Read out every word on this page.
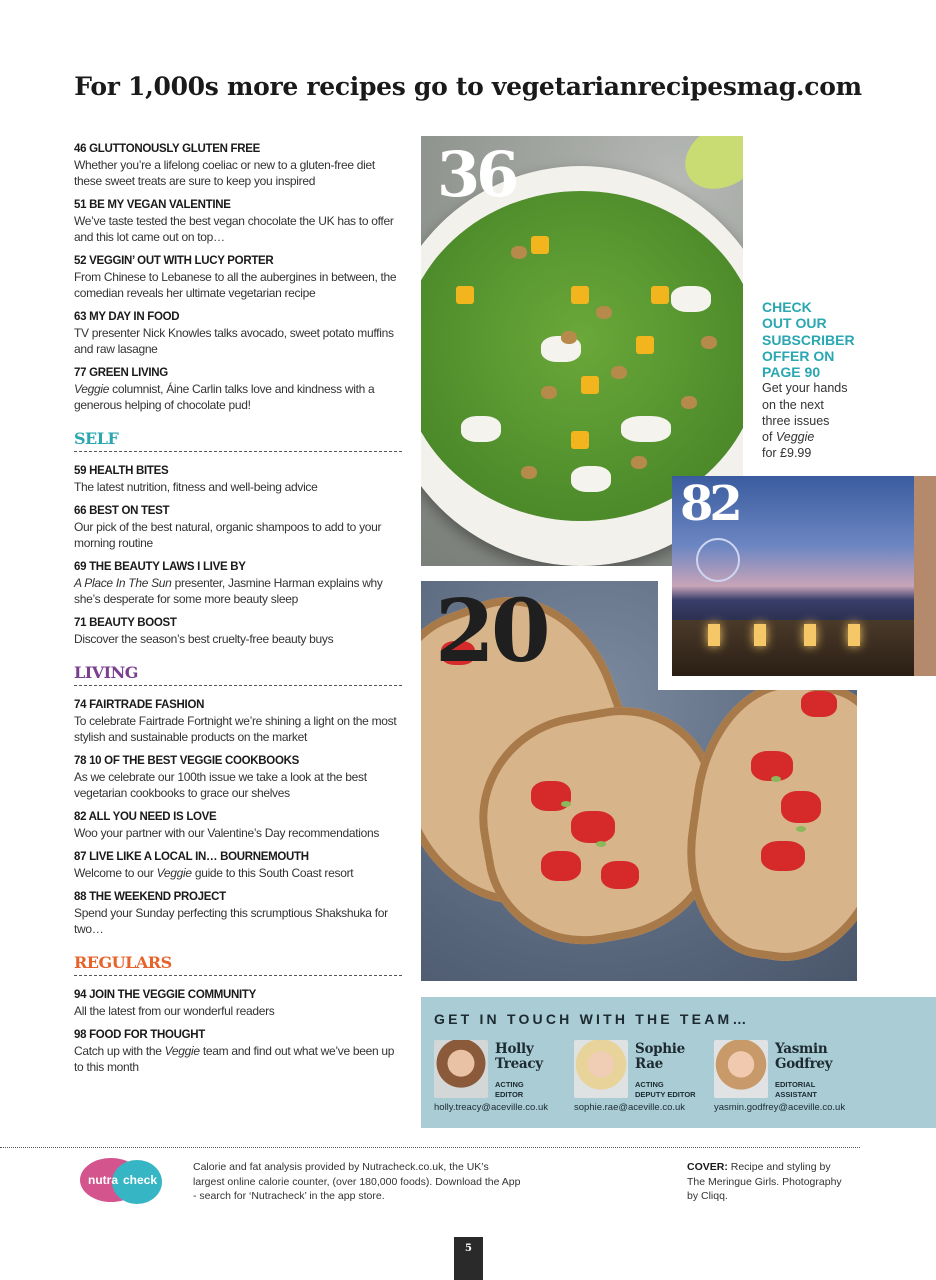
For 1,000s more recipes go to vegetarianrecipesmag.com
46 GLUTTONOUSLY GLUTEN FREE
Whether you’re a lifelong coeliac or new to a gluten-free diet these sweet treats are sure to keep you inspired
51 BE MY VEGAN VALENTINE
We’ve taste tested the best vegan chocolate the UK has to offer and this lot came out on top…
52 VEGGIN’ OUT WITH LUCY PORTER
From Chinese to Lebanese to all the aubergines in between, the comedian reveals her ultimate vegetarian recipe
63 MY DAY IN FOOD
TV presenter Nick Knowles talks avocado, sweet potato muffins and raw lasagne
77 GREEN LIVING
Veggie columnist, Áine Carlin talks love and kindness with a generous helping of chocolate pud!
SELF
59 HEALTH BITES
The latest nutrition, fitness and well-being advice
66 BEST ON TEST
Our pick of the best natural, organic shampoos to add to your morning routine
69 THE BEAUTY LAWS I LIVE BY
A Place In The Sun presenter, Jasmine Harman explains why she’s desperate for some more beauty sleep
71 BEAUTY BOOST
Discover the season’s best cruelty-free beauty buys
LIVING
74 FAIRTRADE FASHION
To celebrate Fairtrade Fortnight we’re shining a light on the most stylish and sustainable products on the market
78 10 OF THE BEST VEGGIE COOKBOOKS
As we celebrate our 100th issue we take a look at the best vegetarian cookbooks to grace our shelves
82 ALL YOU NEED IS LOVE
Woo your partner with our Valentine’s Day recommendations
87 LIVE LIKE A LOCAL IN… BOURNEMOUTH
Welcome to our Veggie guide to this South Coast resort
88 THE WEEKEND PROJECT
Spend your Sunday perfecting this scrumptious Shakshuka for two…
REGULARS
94 JOIN THE VEGGIE COMMUNITY
All the latest from our wonderful readers
98 FOOD FOR THOUGHT
Catch up with the Veggie team and find out what we’ve been up to this month
20
36
82
CHECK
OUT OUR
SUBSCRIBER
OFFER ON
PAGE 90
Get your hands
on the next
three issues
of Veggie
for £9.99
GET IN TOUCH WITH THE TEAM…
Holly
Treacy
ACTING
EDITOR
holly.treacy@aceville.co.uk
Sophie
Rae
ACTING
DEPUTY EDITOR
sophie.rae@aceville.co.uk
Yasmin
Godfrey
EDITORIAL
ASSISTANT
yasmin.godfrey@aceville.co.uk
nutra check
Calorie and fat analysis provided by Nutracheck.co.uk, the UK’s largest online calorie counter, (over 180,000 foods). Download the App - search for ‘Nutracheck’ in the app store.
COVER: Recipe and styling by The Meringue Girls. Photography by Cliqq.
5
